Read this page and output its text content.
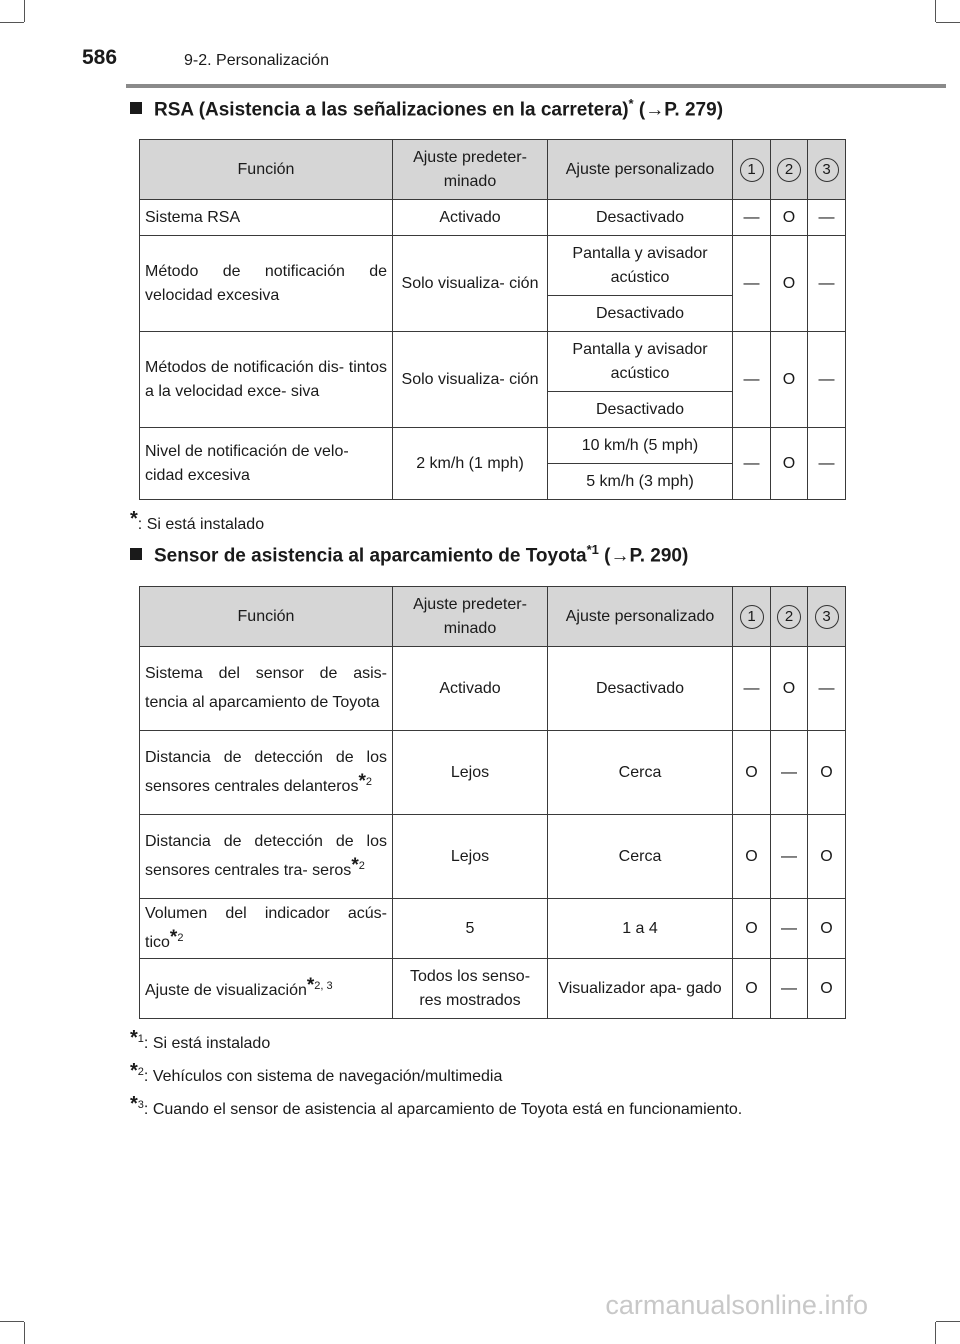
586	9-2. Personalización
RSA (Asistencia a las señalizaciones en la carretera)* (→P. 279)
Función	Ajuste predeter- minado	Ajuste personalizado	1	2	3
Sistema RSA	Activado	Desactivado	—	O	—
Método de notificación de velocidad excesiva	Solo visualiza- ción	Pantalla y avisador acústico	—	O	—
		Desactivado			
Métodos de notificación dis- tintos a la velocidad exce- siva	Solo visualiza- ción	Pantalla y avisador acústico	—	O	—
		Desactivado			
Nivel de notificación de velo- cidad excesiva	2 km/h (1 mph)	10 km/h (5 mph)	—	O	—
		5 km/h (3 mph)			
*: Si está instalado
Sensor de asistencia al aparcamiento de Toyota$^{*1}$ (→P. 290)
Función	Ajuste predeter- minado	Ajuste personalizado	1	2	3
Sistema del sensor de asis- tencia al aparcamiento de Toyota	Activado	Desactivado	—	O	—
Distancia de detección de los sensores centrales delanteros*$^2$	Lejos	Cerca	O	—	O
Distancia de detección de los sensores centrales tra- seros*$^2$	Lejos	Cerca	O	—	O
Volumen del indicador acús- tico*$^2$	5	1 a 4	O	—	O
Ajuste de visualización*$^{2, 3}$	Todos los senso- res mostrados	Visualizador apa- gado	O	—	O
*$^1$: Si está instalado
*$^2$: Vehículos con sistema de navegación/multimedia
*$^3$: Cuando el sensor de asistencia al aparcamiento de Toyota está en funcionamiento.
carmanualsonline.info
